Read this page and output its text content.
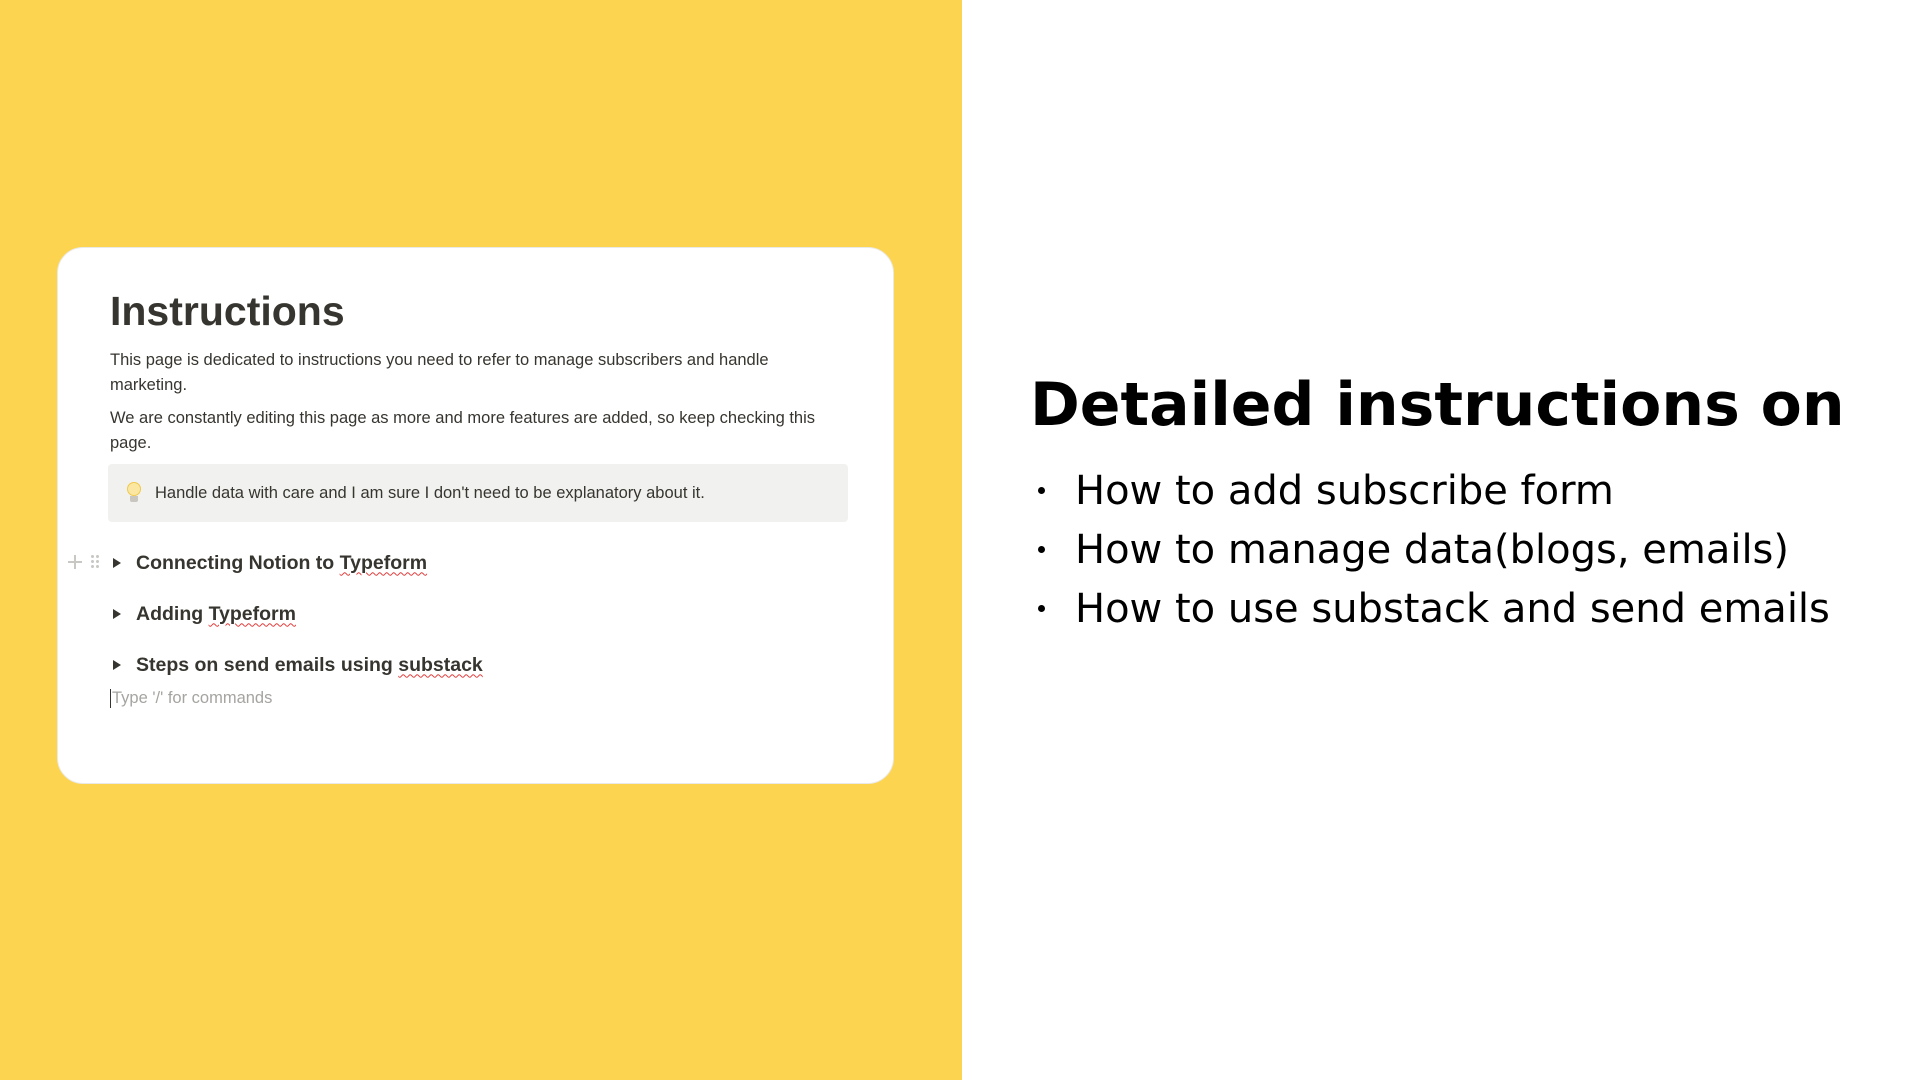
Instructions

This page is dedicated to instructions you need to refer to manage subscribers and handle marketing.

We are constantly editing this page as more and more features are added, so keep checking this page.

Handle data with care and I am sure I don't need to be explanatory about it.
Connecting Notion to Typeform
Adding Typeform
Steps on send emails using substack
Type '/' for commands
Detailed instructions on
How to add subscribe form
How to manage data(blogs, emails)
How to use substack and send emails
